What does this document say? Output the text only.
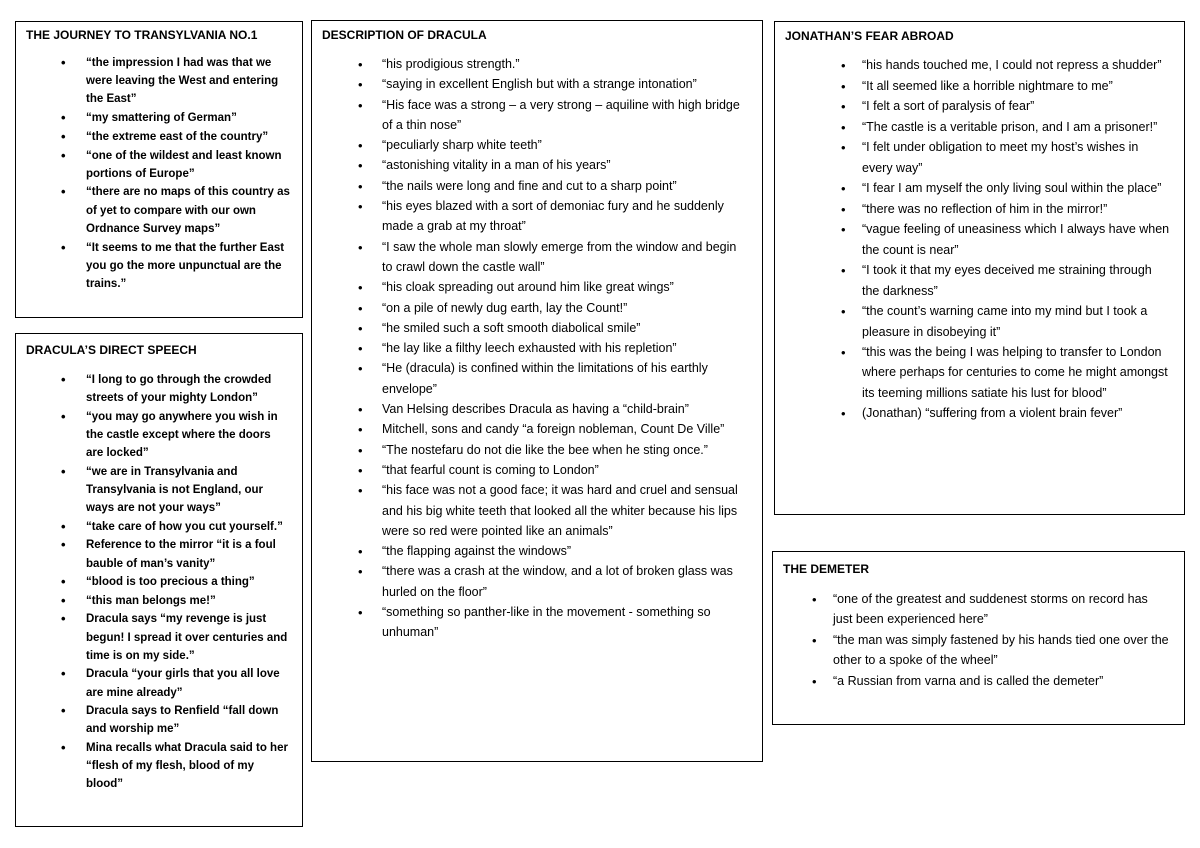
THE JOURNEY TO TRANSYLVANIA NO.1
• “the impression I had was that we were leaving the West and entering the East”
• “my smattering of German”
• “the extreme east of the country”
• “one of the wildest and least known portions of Europe”
• “there are no maps of this country as of yet to compare with our own Ordnance Survey maps”
• “It seems to me that the further East you go the more unpunctual are the trains.”
DRACULA’S DIRECT SPEECH
• “I long to go through the crowded streets of your mighty London”
• “you may go anywhere you wish in the castle except where the doors are locked”
• “we are in Transylvania and Transylvania is not England, our ways are not your ways”
• “take care of how you cut yourself.”
• Reference to the mirror “it is a foul bauble of man’s vanity”
• “blood is too precious a thing”
• “this man belongs me!”
• Dracula says “my revenge is just begun! I spread it over centuries and time is on my side.”
• Dracula “your girls that you all love are mine already”
• Dracula says to Renfield “fall down and worship me”
• Mina recalls what Dracula said to her “flesh of my flesh, blood of my blood”
DESCRIPTION OF DRACULA
• “his prodigious strength.”
• “saying in excellent English but with a strange intonation”
• “His face was a strong – a very strong – aquiline with high bridge of a thin nose”
• “peculiarly sharp white teeth”
• “astonishing vitality in a man of his years”
• “the nails were long and fine and cut to a sharp point”
• “his eyes blazed with a sort of demoniac fury and he suddenly made a grab at my throat”
• “I saw the whole man slowly emerge from the window and begin to crawl down the castle wall”
• “his cloak spreading out around him like great wings”
• “on a pile of newly dug earth, lay the Count!”
• “he smiled such a soft smooth diabolical smile”
• “he lay like a filthy leech exhausted with his repletion”
• “He (dracula) is confined within the limitations of his earthly envelope”
• Van Helsing describes Dracula as having a “child-brain”
• Mitchell, sons and candy “a foreign nobleman, Count De Ville”
• “The nostefaru do not die like the bee when he sting once.”
• “that fearful count is coming to London”
• “his face was not a good face; it was hard and cruel and sensual and his big white teeth that looked all the whiter because his lips were so red were pointed like an animals”
• “the flapping against the windows”
• “there was a crash at the window, and a lot of broken glass was hurled on the floor”
• “something so panther-like in the movement - something so unhuman”
JONATHAN’S FEAR ABROAD
• “his hands touched me, I could not repress a shudder”
• “It all seemed like a horrible nightmare to me”
• “I felt a sort of paralysis of fear”
• “The castle is a veritable prison, and I am a prisoner!”
• “I felt under obligation to meet my host’s wishes in every way”
• “I fear I am myself the only living soul within the place”
• “there was no reflection of him in the mirror!”
• “vague feeling of uneasiness which I always have when the count is near”
• “I took it that my eyes deceived me straining through the darkness”
• “the count’s warning came into my mind but I took a pleasure in disobeying it”
• “this was the being I was helping to transfer to London where perhaps for centuries to come he might amongst its teeming millions satiate his lust for blood”
• (Jonathan) “suffering from a violent brain fever”
THE DEMETER
• “one of the greatest and suddenest storms on record has just been experienced here”
• “the man was simply fastened by his hands tied one over the other to a spoke of the wheel”
• “a Russian from varna and is called the demeter”
